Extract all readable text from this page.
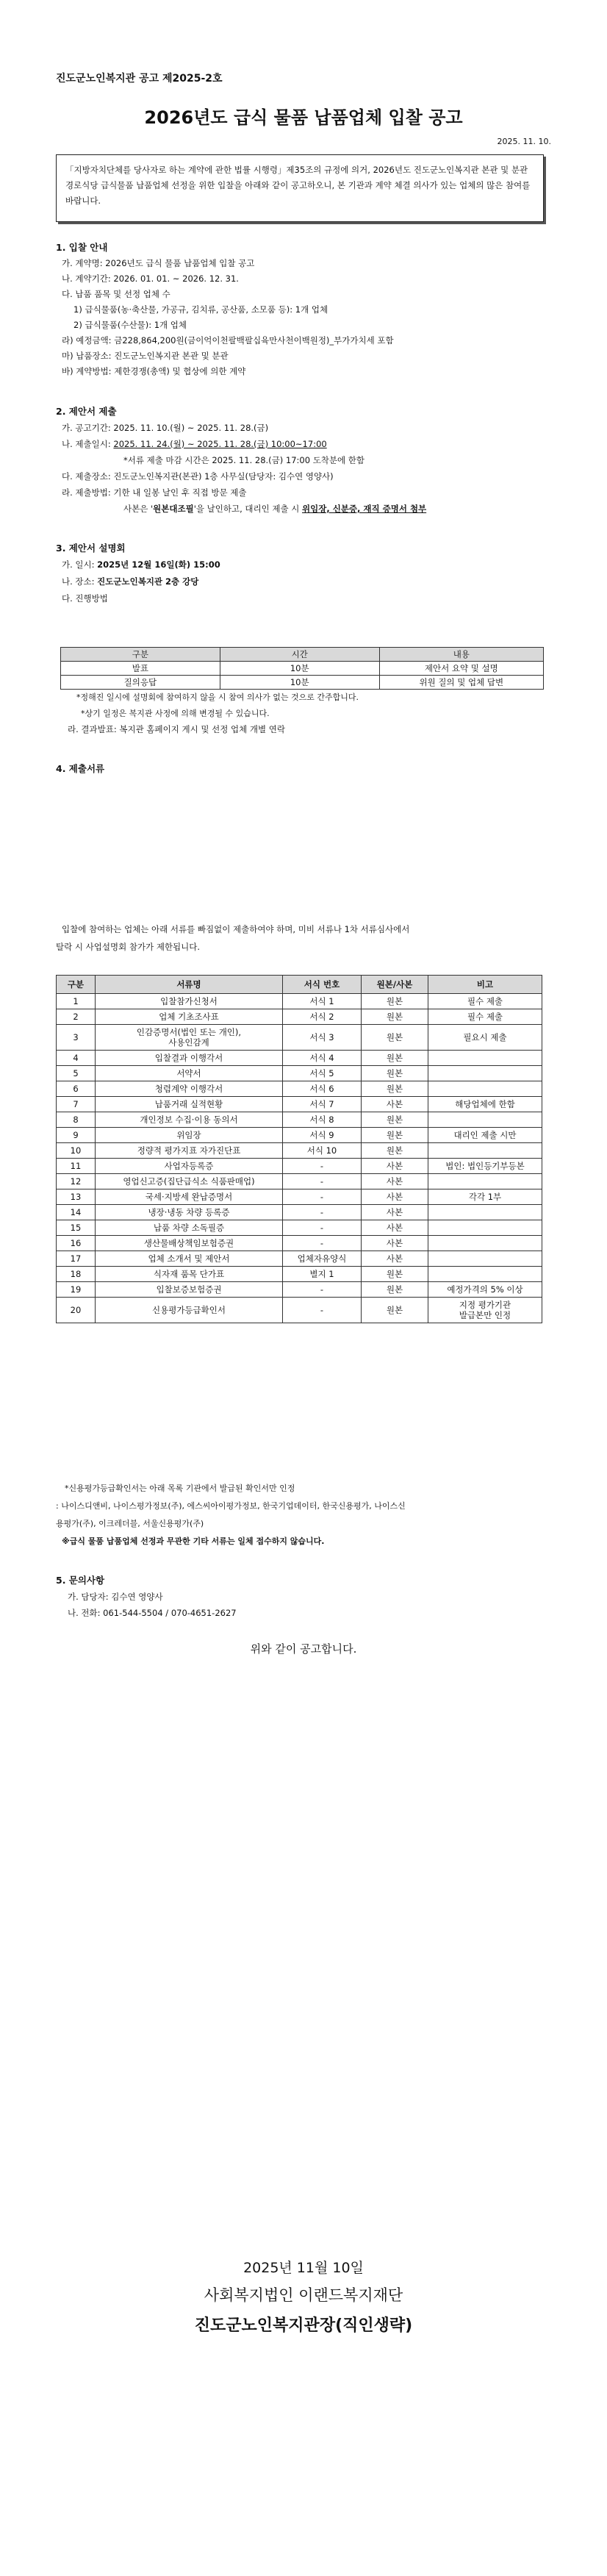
진도군노인복지관 공고 제2025-2호
2026년도 급식 물품 납품업체 입찰 공고
2025. 11. 10.
「지방자치단체를 당사자로 하는 계약에 관한 법률 시행령」제35조의 규정에 의거, 2026년도 진도군노인복지관 본관 및 분관 경로식당 급식물품 납품업체 선정을 위한 입찰을 아래와 같이 공고하오니, 본 기관과 계약 체결 의사가 있는 업체의 많은 참여를 바랍니다.
1. 입찰 안내
가. 계약명: 2026년도 급식 물품 납품업체 입찰 공고
나. 계약기간: 2026. 01. 01. ~ 2026. 12. 31.
다. 납품 품목 및 선정 업체 수
1) 급식물품(농·축산물, 가공규, 김치류, 공산품, 소모품 등): 1개 업체
2) 급식물품(수산물): 1개 업체
라) 예정금액: 금228,864,200원(금이억이천팔백팔십육만사천이백원정)_부가가치세 포함
마) 납품장소: 진도군노인복지관 본관 및 분관
바) 계약방법: 제한경쟁(총액) 및 협상에 의한 계약
2. 제안서 제출
가. 공고기간: 2025. 11. 10.(월) ~ 2025. 11. 28.(금)
나. 제출일시: 2025. 11. 24.(월) ~ 2025. 11. 28.(금) 10:00~17:00
*서류 제출 마감 시간은 2025. 11. 28.(금) 17:00 도착분에 한함
다. 제출장소: 진도군노인복지관(본관) 1층 사무실(담당자: 김수연 영양사)
라. 제출방법: 기한 내 일봉 날인 후 직접 방문 제출
사본은 '원본대조필'을 날인하고, 대리인 제출 시 위임장, 신분증, 재직 증명서 첨부
3. 제안서 설명회
가. 일시: 2025년 12월 16일(화) 15:00
나. 장소: 진도군노인복지관 2층 강당
다. 진행방법
구분	시간	내용
발표	10분	제안서 요약 및 설명
질의응답	10분	위원 질의 및 업체 답변
*정해진 일시에 설명회에 참여하지 않을 시 참여 의사가 없는 것으로 간주합니다.
*상기 일정은 복지관 사정에 의해 변경될 수 있습니다.
라. 결과발표: 복지관 홈페이지 게시 및 선정 업체 개별 연락
4. 제출서류
입찰에 참여하는 업체는 아래 서류를 빠짐없이 제출하여야 하며, 미비 서류나 1차 서류심사에서
탈락 시 사업설명회 참가가 제한됩니다.
구분	서류명	서식 번호	원본/사본	비고
1	입찰참가신청서	서식 1	원본	필수 제출
2	업체 기초조사표	서식 2	원본	필수 제출
3	인감증명서(법인 또는 개인),
사용인감계	서식 3	원본	필요시 제출
4	입찰결과 이행각서	서식 4	원본	
5	서약서	서식 5	원본	
6	청렴계약 이행각서	서식 6	원본	
7	납품거래 실적현황	서식 7	사본	해당업체에 한함
8	개인정보 수집·이용 동의서	서식 8	원본	
9	위임장	서식 9	원본	대리인 제출 시만
10	정량적 평가지표 자가진단표	서식 10	원본	
11	사업자등록증	-	사본	법인: 법인등기부등본
12	영업신고증(집단급식소 식품판매업)	-	사본	
13	국세·지방세 완납증명서	-	사본	각각 1부
14	냉장·냉동 차량 등록증	-	사본	
15	납품 차량 소독필증	-	사본	
16	생산물배상책임보험증권	-	사본	
17	업체 소개서 및 제안서	업체자유양식	사본	
18	식자재 품목 단가표	별지 1	원본	
19	입찰보증보험증권	-	원본	예정가격의 5% 이상
20	신용평가등급확인서	-	원본	지정 평가기관
발급본만 인정
*신용평가등급확인서는 아래 목록 기관에서 발급된 확인서만 인정
: 나이스디앤비, 나이스평가정보(주), 에스씨아이평가정보, 한국기업데이터, 한국신용평가, 나이스신
용평가(주), 이크레더블, 서울신용평가(주)
※급식 물품 납품업체 선정과 무관한 기타 서류는 일체 접수하지 않습니다.
5. 문의사항
가. 담당자: 김수연 영양사
나. 전화: 061-544-5504 / 070-4651-2627
위와 같이 공고합니다.
2025년 11월 10일
사회복지법인 이랜드복지재단
진도군노인복지관장(직인생략)
